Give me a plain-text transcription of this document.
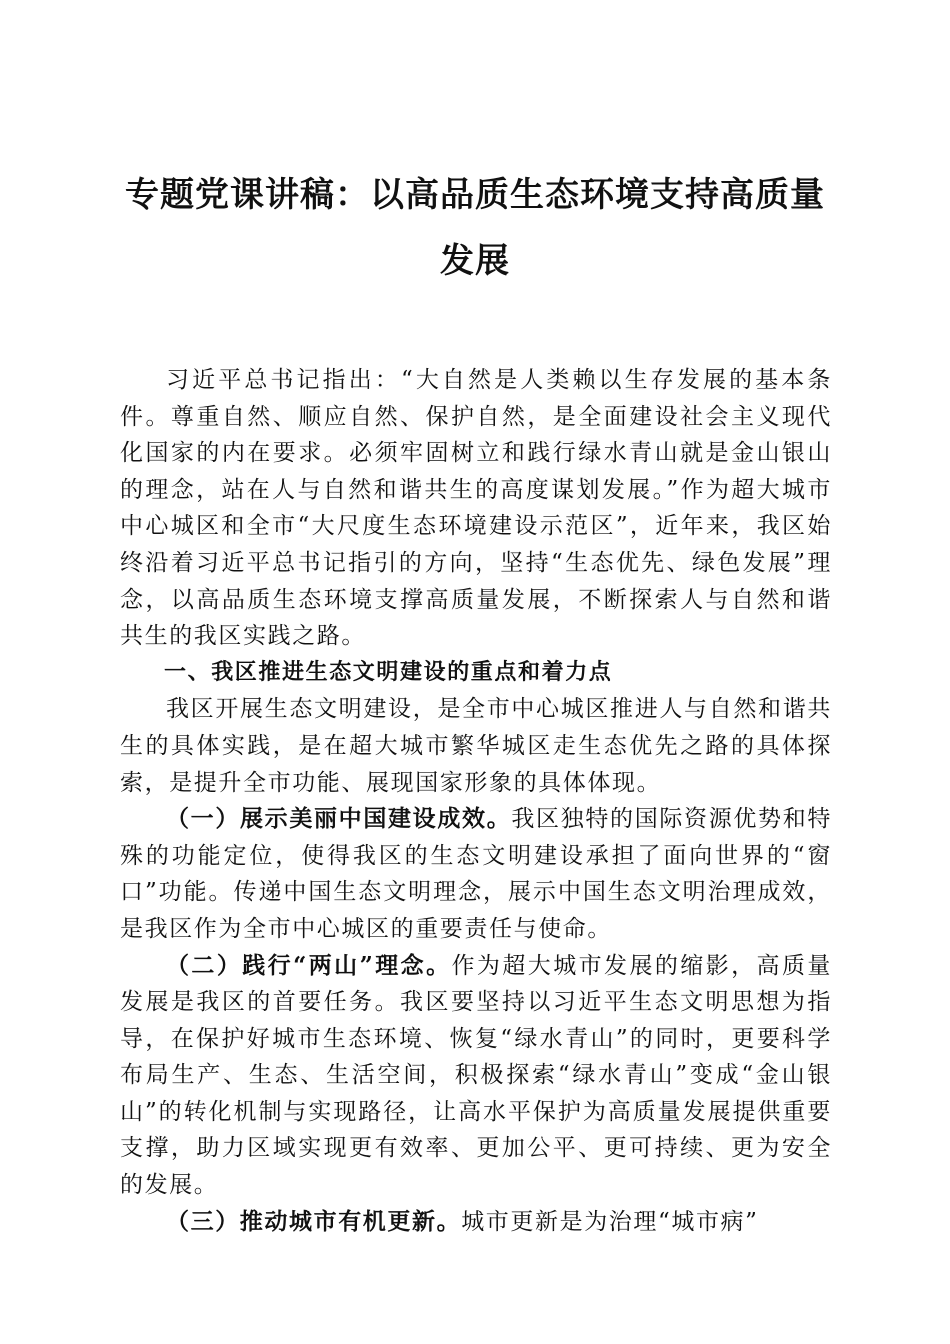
专题党课讲稿：以高品质生态环境支持高质量
发展

习近平总书记指出：“大自然是人类赖以生存发展的基本条件。尊重自然、顺应自然、保护自然，是全面建设社会主义现代化国家的内在要求。必须牢固树立和践行绿水青山就是金山银山的理念，站在人与自然和谐共生的高度谋划发展。”作为超大城市中心城区和全市“大尺度生态环境建设示范区”，近年来，我区始终沿着习近平总书记指引的方向，坚持“生态优先、绿色发展”理念，以高品质生态环境支撑高质量发展，不断探索人与自然和谐共生的我区实践之路。

一、我区推进生态文明建设的重点和着力点

我区开展生态文明建设，是全市中心城区推进人与自然和谐共生的具体实践，是在超大城市繁华城区走生态优先之路的具体探索，是提升全市功能、展现国家形象的具体体现。

（一）展示美丽中国建设成效。我区独特的国际资源优势和特殊的功能定位，使得我区的生态文明建设承担了面向世界的“窗口”功能。传递中国生态文明理念，展示中国生态文明治理成效，是我区作为全市中心城区的重要责任与使命。

（二）践行“两山”理念。作为超大城市发展的缩影，高质量发展是我区的首要任务。我区要坚持以习近平生态文明思想为指导，在保护好城市生态环境、恢复“绿水青山”的同时，更要科学布局生产、生态、生活空间，积极探索“绿水青山”变成“金山银山”的转化机制与实现路径，让高水平保护为高质量发展提供重要支撑，助力区域实现更有效率、更加公平、更可持续、更为安全的发展。

（三）推动城市有机更新。城市更新是为治理“城市病”
